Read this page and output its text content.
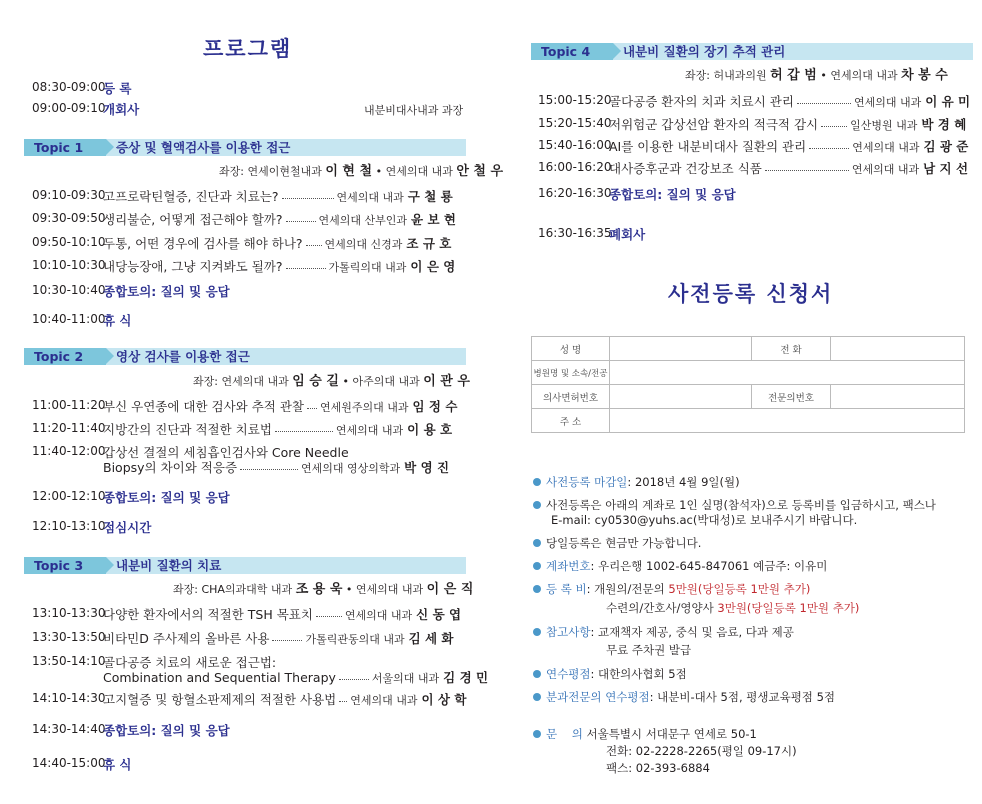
프로그램
08:30-09:00
등 록
09:00-09:10
개회사	내분비대사내과 과장
Topic 1	증상 및 혈액검사를 이용한 접근
좌장: 연세이현철내과 이 현 철 • 연세의대 내과 안 철 우
09:10-09:30
고프로락틴혈증, 진단과 치료는?	연세의대 내과 구 철 룡
09:30-09:50
생리불순, 어떻게 접근해야 할까?	연세의대 산부인과 윤 보 현
09:50-10:10
두통, 어떤 경우에 검사를 해야 하나? 연세의대 신경과 조 규 호
10:10-10:30
내당능장애, 그냥 지켜봐도 될까?	가톨릭의대 내과 이 은 영
10:30-10:40
종합토의: 질의 및 응답
10:40-11:00
휴 식
Topic 2	영상 검사를 이용한 접근
좌장: 연세의대 내과 임 승 길 • 아주의대 내과 이 관 우
11:00-11:20
부신 우연종에 대한 검사와 추적 관찰 연세원주의대 내과 임 정 수
11:20-11:40
지방간의 진단과 적절한 치료법	연세의대 내과 이 용 호
11:40-12:00
갑상선 결절의 세침흡인검사와 Core Needle
Biopsy의 차이와 적응증	연세의대 영상의학과 박 영 진
12:00-12:10
종합토의: 질의 및 응답
12:10-13:10
점심시간
Topic 3	내분비 질환의 치료
좌장: CHA의과대학 내과 조 용 욱 • 연세의대 내과 이 은 직
13:10-13:30
다양한 환자에서의 적절한 TSH 목표치	연세의대 내과 신 동 엽
13:30-13:50
비타민D 주사제의 올바른 사용	가톨릭관동의대 내과 김 세 화
13:50-14:10
골다공증 치료의 새로운 접근법:
Combination and Sequential Therapy	서울의대 내과 김 경 민
14:10-14:30
고지혈증 및 항혈소판제제의 적절한 사용법 연세의대 내과 이 상 학
14:30-14:40
종합토의: 질의 및 응답
14:40-15:00
휴 식
Topic 4	내분비 질환의 장기 추적 관리
좌장: 허내과의원 허 갑 범 • 연세의대 내과 차 봉 수
15:00-15:20
골다공증 환자의 치과 치료시 관리	연세의대 내과 이 유 미
15:20-15:40
저위험군 갑상선암 환자의 적극적 감시	일산병원 내과 박 경 혜
15:40-16:00
AI를 이용한 내분비대사 질환의 관리	연세의대 내과 김 광 준
16:00-16:20
대사증후군과 건강보조 식품	연세의대 내과 남 지 선
16:20-16:30
종합토의: 질의 및 응답
16:30-16:35
폐회사
사전등록 신청서
성 명		전 화	
병원명 및 소속/전공			
의사면허번호		전문의번호	
주 소			
사전등록 마감일: 2018년 4월 9일(월)
사전등록은 아래의 계좌로 1인 실명(참석자)으로 등록비를 입금하시고, 팩스나
E-mail: cy0530@yuhs.ac(박대성)로 보내주시기 바랍니다.
당일등록은 현금만 가능합니다.
계좌번호: 우리은행 1002-645-847061 예금주: 이유미
등 록 비: 개원의/전문의 5만원(당일등록 1만원 추가)
수련의/간호사/영양사 3만원(당일등록 1만원 추가)
참고사항: 교재책자 제공, 중식 및 음료, 다과 제공
무료 주차권 발급
연수평점: 대한의사협회 5점
분과전문의 연수평점: 내분비-대사 5점, 평생교육평점 5점
문    의 서울특별시 서대문구 연세로 50-1
전화: 02-2228-2265(평일 09-17시)
팩스: 02-393-6884
